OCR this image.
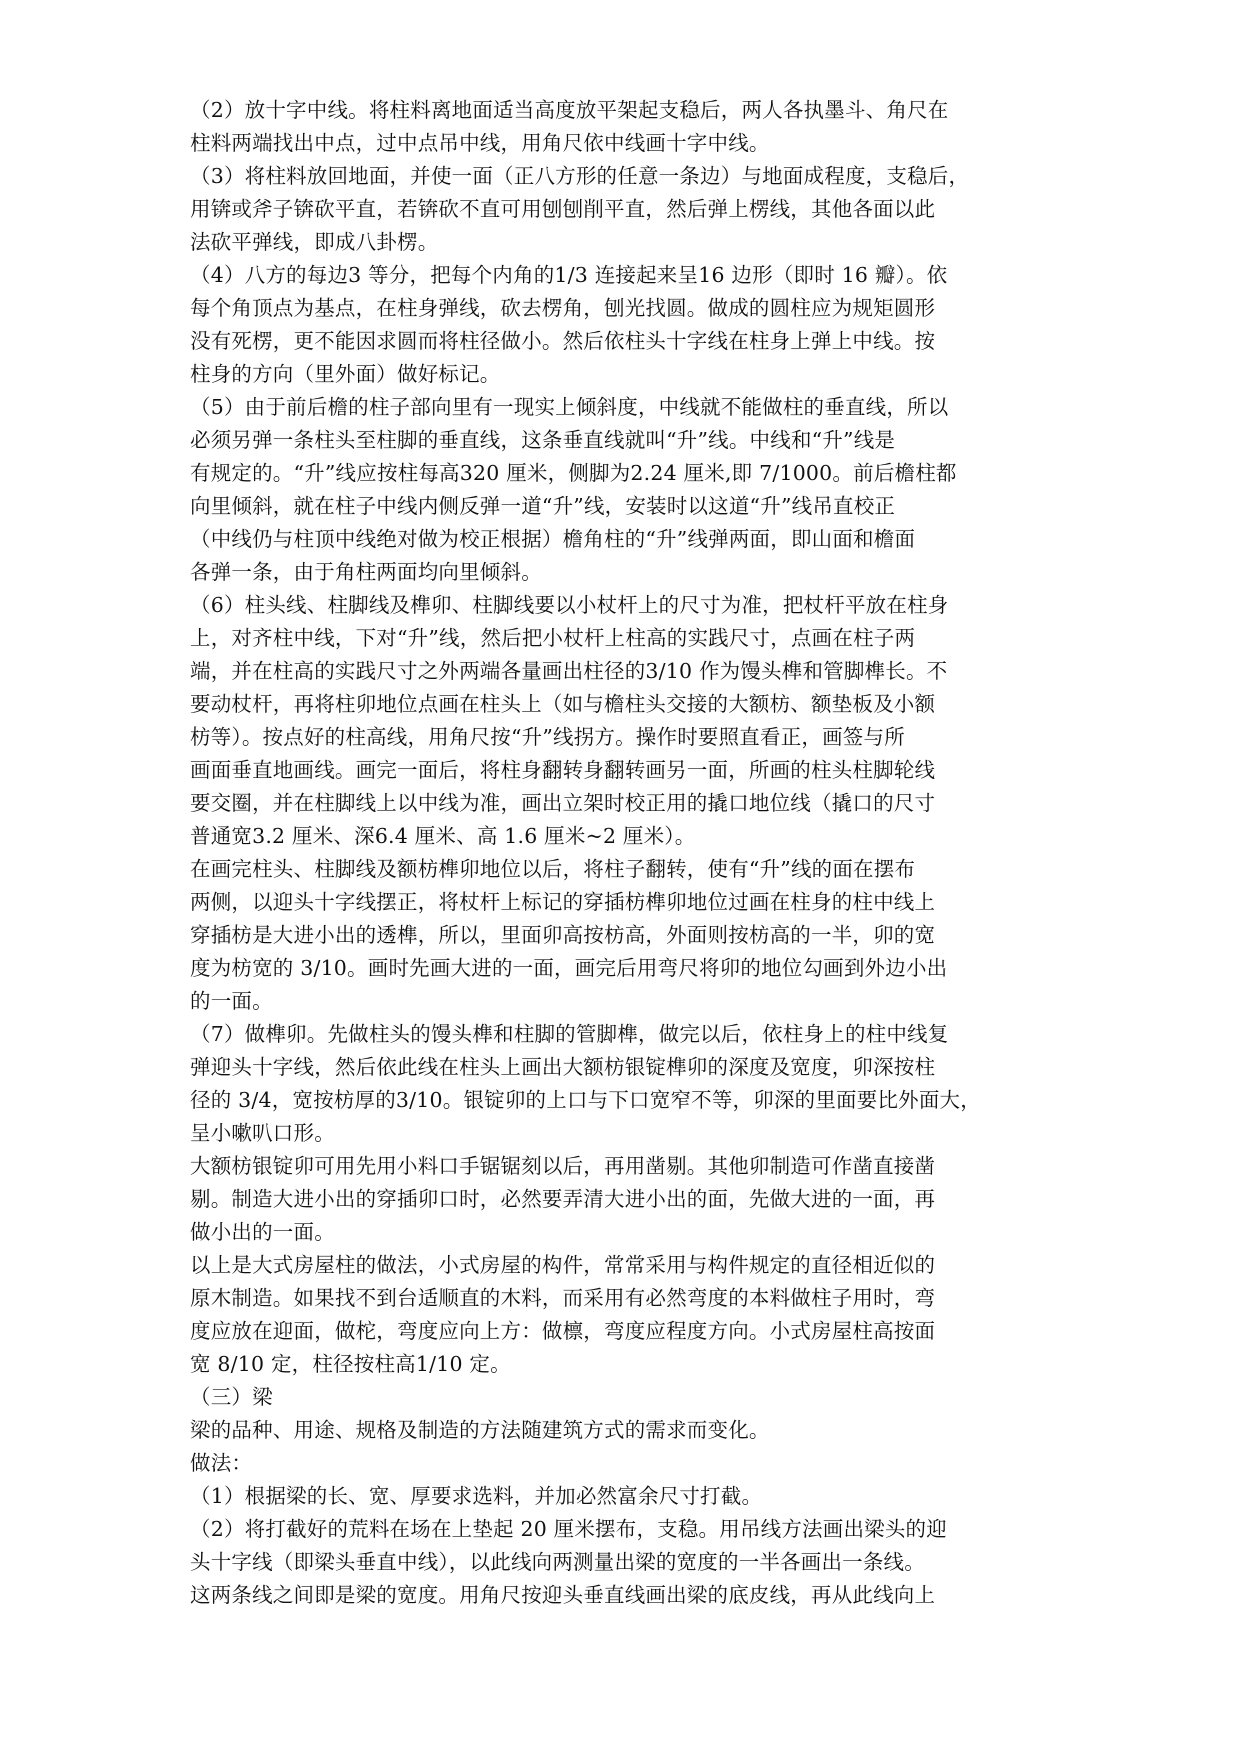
（2）放十字中线。将柱料离地面适当高度放平架起支稳后，两人各执墨斗、角尺在
柱料两端找出中点，过中点吊中线，用角尺依中线画十字中线。
（3）将柱料放回地面，并使一面（正八方形的任意一条边）与地面成程度，支稳后，
用锛或斧子锛砍平直，若锛砍不直可用刨刨削平直，然后弹上楞线，其他各面以此
法砍平弹线，即成八卦楞。
（4）八方的每边3 等分，把每个内角的1/3 连接起来呈16 边形（即时 16 瓣）。依
每个角顶点为基点，在柱身弹线，砍去楞角，刨光找圆。做成的圆柱应为规矩圆形
没有死楞，更不能因求圆而将柱径做小。然后依柱头十字线在柱身上弹上中线。按
柱身的方向（里外面）做好标记。
（5）由于前后檐的柱子部向里有一现实上倾斜度，中线就不能做柱的垂直线，所以
必须另弹一条柱头至柱脚的垂直线，这条垂直线就叫“升”线。中线和“升”线是
有规定的。“升”线应按柱每高320 厘米，侧脚为2.24 厘米,即 7/1000。前后檐柱都
向里倾斜，就在柱子中线内侧反弹一道“升”线，安装时以这道“升”线吊直校正
（中线仍与柱顶中线绝对做为校正根据）檐角柱的“升”线弹两面，即山面和檐面
各弹一条，由于角柱两面均向里倾斜。
（6）柱头线、柱脚线及榫卯、柱脚线要以小杖杆上的尺寸为准，把杖杆平放在柱身
上，对齐柱中线，下对“升”线，然后把小杖杆上柱高的实践尺寸，点画在柱子两
端，并在柱高的实践尺寸之外两端各量画出柱径的3/10 作为馒头榫和管脚榫长。不
要动杖杆，再将柱卯地位点画在柱头上（如与檐柱头交接的大额枋、额垫板及小额
枋等）。按点好的柱高线，用角尺按“升”线拐方。操作时要照直看正，画签与所
画面垂直地画线。画完一面后，将柱身翻转身翻转画另一面，所画的柱头柱脚轮线
要交圈，并在柱脚线上以中线为准，画出立架时校正用的撬口地位线（撬口的尺寸
普通宽3.2 厘米、深6.4 厘米、高 1.6 厘米~2 厘米）。
在画完柱头、柱脚线及额枋榫卯地位以后，将柱子翻转，使有“升”线的面在摆布
两侧，以迎头十字线摆正，将杖杆上标记的穿插枋榫卯地位过画在柱身的柱中线上
穿插枋是大进小出的透榫，所以，里面卯高按枋高，外面则按枋高的一半，卯的宽
度为枋宽的 3/10。画时先画大进的一面，画完后用弯尺将卯的地位勾画到外边小出
的一面。
（7）做榫卯。先做柱头的馒头榫和柱脚的管脚榫，做完以后，依柱身上的柱中线复
弹迎头十字线，然后依此线在柱头上画出大额枋银锭榫卯的深度及宽度，卯深按柱
径的 3/4，宽按枋厚的3/10。银锭卯的上口与下口宽窄不等，卯深的里面要比外面大，
呈小嗽叭口形。
大额枋银锭卯可用先用小料口手锯锯刻以后，再用凿剔。其他卯制造可作凿直接凿
剔。制造大进小出的穿插卯口时，必然要弄清大进小出的面，先做大进的一面，再
做小出的一面。
以上是大式房屋柱的做法，小式房屋的构件，常常采用与构件规定的直径相近似的
原木制造。如果找不到台适顺直的木料，而采用有必然弯度的本料做柱子用时，弯
度应放在迎面，做柁，弯度应向上方：做檩，弯度应程度方向。小式房屋柱高按面
宽 8/10 定，柱径按柱高1/10 定。
（三）梁
梁的品种、用途、规格及制造的方法随建筑方式的需求而变化。
做法：
（1）根据梁的长、宽、厚要求选料，并加必然富余尺寸打截。
（2）将打截好的荒料在场在上垫起 20 厘米摆布，支稳。用吊线方法画出梁头的迎
头十字线（即梁头垂直中线），以此线向两测量出梁的宽度的一半各画出一条线。
这两条线之间即是梁的宽度。用角尺按迎头垂直线画出梁的底皮线，再从此线向上
